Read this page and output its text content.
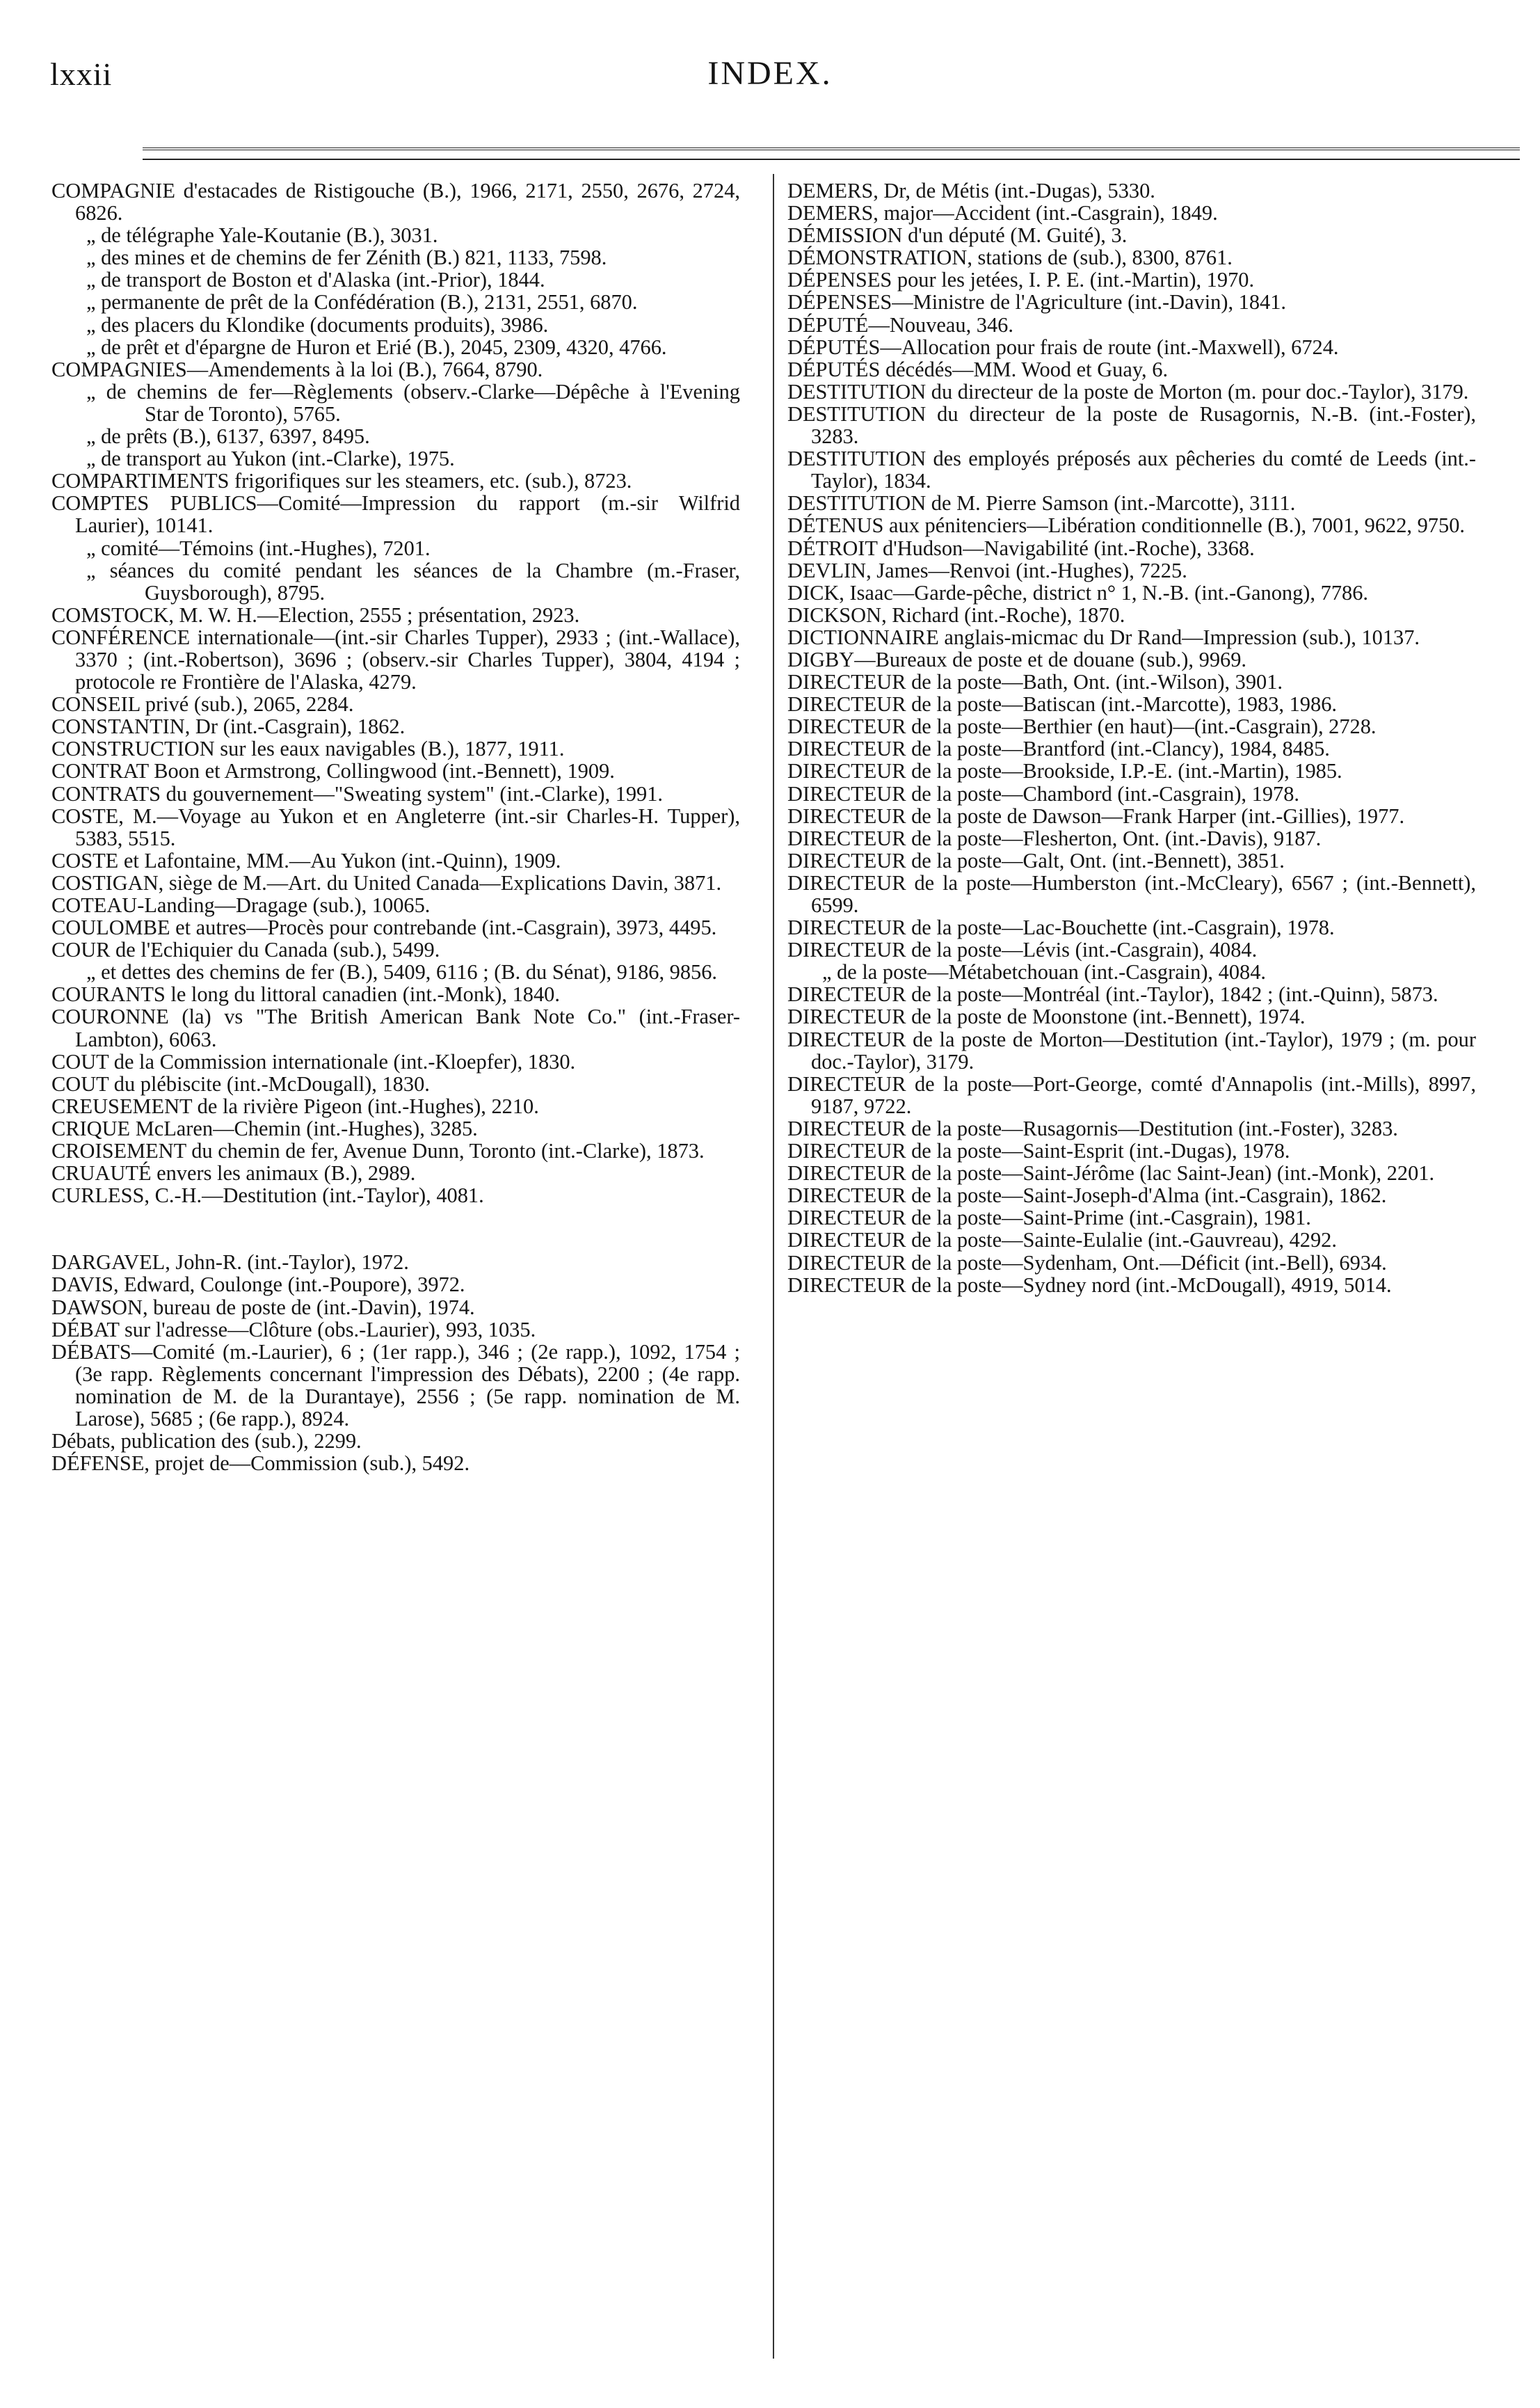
lxxii	INDEX.
COMPAGNIE d'estacades de Ristigouche (B.), 1966, 2171, 2550, 2676, 2724, 6826.
„ de télégraphe Yale-Koutanie (B.), 3031.
„ des mines et de chemins de fer Zénith (B.) 821, 1133, 7598.
„ de transport de Boston et d'Alaska (int.-Prior), 1844.
„ permanente de prêt de la Confédération (B.), 2131, 2551, 6870.
„ des placers du Klondike (documents produits), 3986.
„ de prêt et d'épargne de Huron et Erié (B.), 2045, 2309, 4320, 4766.
COMPAGNIES—Amendements à la loi (B.), 7664, 8790.
„ de chemins de fer—Règlements (observ.-Clarke—Dépêche à l'Evening Star de Toronto), 5765.
„ de prêts (B.), 6137, 6397, 8495.
„ de transport au Yukon (int.-Clarke), 1975.
COMPARTIMENTS frigorifiques sur les steamers, etc. (sub.), 8723.
COMPTES PUBLICS—Comité—Impression du rapport (m.-sir Wilfrid Laurier), 10141.
„ comité—Témoins (int.-Hughes), 7201.
„ séances du comité pendant les séances de la Chambre (m.-Fraser, Guysborough), 8795.
COMSTOCK, M. W. H.—Election, 2555 ; présentation, 2923.
CONFÉRENCE internationale—(int.-sir Charles Tupper), 2933 ; (int.-Wallace), 3370 ; (int.-Robertson), 3696 ; (observ.-sir Charles Tupper), 3804, 4194 ; protocole re Frontière de l'Alaska, 4279.
CONSEIL privé (sub.), 2065, 2284.
CONSTANTIN, Dr (int.-Casgrain), 1862.
CONSTRUCTION sur les eaux navigables (B.), 1877, 1911.
CONTRAT Boon et Armstrong, Collingwood (int.-Bennett), 1909.
CONTRATS du gouvernement—"Sweating system" (int.-Clarke), 1991.
COSTE, M.—Voyage au Yukon et en Angleterre (int.-sir Charles-H. Tupper), 5383, 5515.
COSTE et Lafontaine, MM.—Au Yukon (int.-Quinn), 1909.
COSTIGAN, siège de M.—Art. du United Canada—Explications Davin, 3871.
COTEAU-Landing—Dragage (sub.), 10065.
COULOMBE et autres—Procès pour contrebande (int.-Casgrain), 3973, 4495.
COUR de l'Echiquier du Canada (sub.), 5499.
„ et dettes des chemins de fer (B.), 5409, 6116 ; (B. du Sénat), 9186, 9856.
COURANTS le long du littoral canadien (int.-Monk), 1840.
COURONNE (la) vs "The British American Bank Note Co." (int.-Fraser-Lambton), 6063.
COUT de la Commission internationale (int.-Kloepfer), 1830.
COUT du plébiscite (int.-McDougall), 1830.
CREUSEMENT de la rivière Pigeon (int.-Hughes), 2210.
CRIQUE McLaren—Chemin (int.-Hughes), 3285.
CROISEMENT du chemin de fer, Avenue Dunn, Toronto (int.-Clarke), 1873.
CRUAUTÉ envers les animaux (B.), 2989.
CURLESS, C.-H.—Destitution (int.-Taylor), 4081.
DARGAVEL, John-R. (int.-Taylor), 1972.
DAVIS, Edward, Coulonge (int.-Poupore), 3972.
DAWSON, bureau de poste de (int.-Davin), 1974.
DÉBAT sur l'adresse—Clôture (obs.-Laurier), 993, 1035.
DÉBATS—Comité (m.-Laurier), 6 ; (1er rapp.), 346 ; (2e rapp.), 1092, 1754 ; (3e rapp. Règlements concernant l'impression des Débats), 2200 ; (4e rapp. nomination de M. de la Durantaye), 2556 ; (5e rapp. nomination de M. Larose), 5685 ; (6e rapp.), 8924.
Débats, publication des (sub.), 2299.
DÉFENSE, projet de—Commission (sub.), 5492.
DEMERS, Dr, de Métis (int.-Dugas), 5330.
DEMERS, major—Accident (int.-Casgrain), 1849.
DÉMISSION d'un député (M. Guité), 3.
DÉMONSTRATION, stations de (sub.), 8300, 8761.
DÉPENSES pour les jetées, I. P. E. (int.-Martin), 1970.
DÉPENSES—Ministre de l'Agriculture (int.-Davin), 1841.
DÉPUTÉ—Nouveau, 346.
DÉPUTÉS—Allocation pour frais de route (int.-Maxwell), 6724.
DÉPUTÉS décédés—MM. Wood et Guay, 6.
DESTITUTION du directeur de la poste de Morton (m. pour doc.-Taylor), 3179.
DESTITUTION du directeur de la poste de Rusagornis, N.-B. (int.-Foster), 3283.
DESTITUTION des employés préposés aux pêcheries du comté de Leeds (int.-Taylor), 1834.
DESTITUTION de M. Pierre Samson (int.-Marcotte), 3111.
DÉTENUS aux pénitenciers—Libération conditionnelle (B.), 7001, 9622, 9750.
DÉTROIT d'Hudson—Navigabilité (int.-Roche), 3368.
DEVLIN, James—Renvoi (int.-Hughes), 7225.
DICK, Isaac—Garde-pêche, district n° 1, N.-B. (int.-Ganong), 7786.
DICKSON, Richard (int.-Roche), 1870.
DICTIONNAIRE anglais-micmac du Dr Rand—Impression (sub.), 10137.
DIGBY—Bureaux de poste et de douane (sub.), 9969.
DIRECTEUR de la poste—Bath, Ont. (int.-Wilson), 3901.
DIRECTEUR de la poste—Batiscan (int.-Marcotte), 1983, 1986.
DIRECTEUR de la poste—Berthier (en haut)—(int.-Casgrain), 2728.
DIRECTEUR de la poste—Brantford (int.-Clancy), 1984, 8485.
DIRECTEUR de la poste—Brookside, I.P.-E. (int.-Martin), 1985.
DIRECTEUR de la poste—Chambord (int.-Casgrain), 1978.
DIRECTEUR de la poste de Dawson—Frank Harper (int.-Gillies), 1977.
DIRECTEUR de la poste—Flesherton, Ont. (int.-Davis), 9187.
DIRECTEUR de la poste—Galt, Ont. (int.-Bennett), 3851.
DIRECTEUR de la poste—Humberston (int.-McCleary), 6567 ; (int.-Bennett), 6599.
DIRECTEUR de la poste—Lac-Bouchette (int.-Casgrain), 1978.
DIRECTEUR de la poste—Lévis (int.-Casgrain), 4084.
„ de la poste—Métabetchouan (int.-Casgrain), 4084.
DIRECTEUR de la poste—Montréal (int.-Taylor), 1842 ; (int.-Quinn), 5873.
DIRECTEUR de la poste de Moonstone (int.-Bennett), 1974.
DIRECTEUR de la poste de Morton—Destitution (int.-Taylor), 1979 ; (m. pour doc.-Taylor), 3179.
DIRECTEUR de la poste—Port-George, comté d'Annapolis (int.-Mills), 8997, 9187, 9722.
DIRECTEUR de la poste—Rusagornis—Destitution (int.-Foster), 3283.
DIRECTEUR de la poste—Saint-Esprit (int.-Dugas), 1978.
DIRECTEUR de la poste—Saint-Jérôme (lac Saint-Jean) (int.-Monk), 2201.
DIRECTEUR de la poste—Saint-Joseph-d'Alma (int.-Casgrain), 1862.
DIRECTEUR de la poste—Saint-Prime (int.-Casgrain), 1981.
DIRECTEUR de la poste—Sainte-Eulalie (int.-Gauvreau), 4292.
DIRECTEUR de la poste—Sydenham, Ont.—Déficit (int.-Bell), 6934.
DIRECTEUR de la poste—Sydney nord (int.-McDougall), 4919, 5014.
